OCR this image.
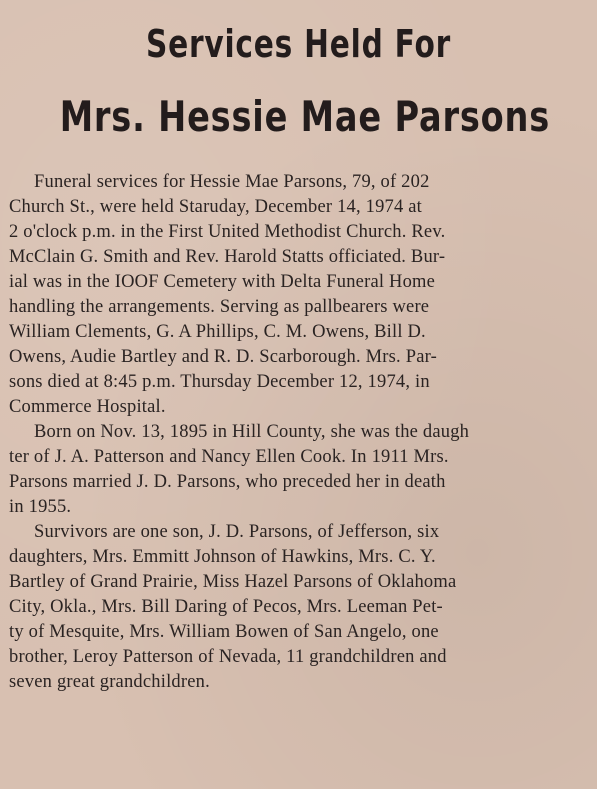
Services Held For
Mrs. Hessie Mae Parsons
Funeral services for Hessie Mae Parsons, 79, of 202
Church St., were held Staruday, December 14, 1974 at
2 o'clock p.m. in the First United Methodist Church. Rev.
McClain G. Smith and Rev. Harold Statts officiated. Bur-
ial was in the IOOF Cemetery with Delta Funeral Home
handling the arrangements. Serving as pallbearers were
William Clements, G. A Phillips, C. M. Owens, Bill D.
Owens, Audie Bartley and R. D. Scarborough. Mrs. Par-
sons died at 8:45 p.m. Thursday December 12, 1974, in
Commerce Hospital.
Born on Nov. 13, 1895 in Hill County, she was the daugh
ter of J. A. Patterson and Nancy Ellen Cook. In 1911 Mrs.
Parsons married J. D. Parsons, who preceded her in death
in 1955.
Survivors are one son, J. D. Parsons, of Jefferson, six
daughters, Mrs. Emmitt Johnson of Hawkins, Mrs. C. Y.
Bartley of Grand Prairie, Miss Hazel Parsons of Oklahoma
City, Okla., Mrs. Bill Daring of Pecos, Mrs. Leeman Pet-
ty of Mesquite, Mrs. William Bowen of San Angelo, one
brother, Leroy Patterson of Nevada, 11 grandchildren and
seven great grandchildren.
